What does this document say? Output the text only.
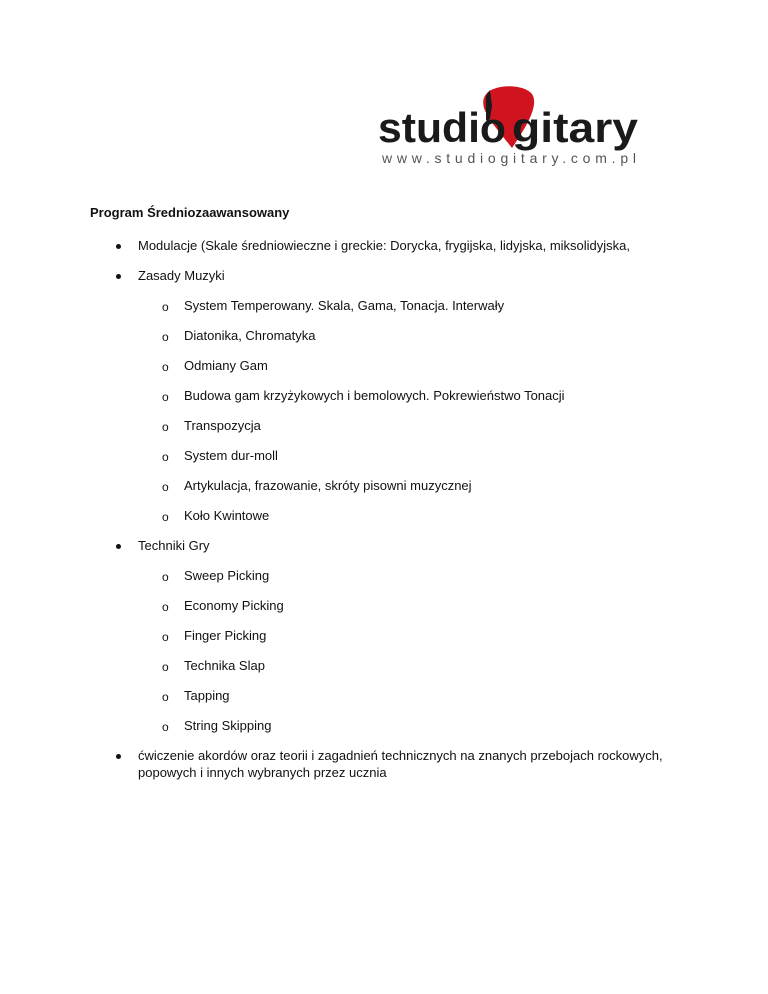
studio gitary
www.studiogitary.com.pl

Program Średniozaawansowany

Modulacje (Skale średniowieczne i greckie: Dorycka, frygijska, lidyjska, miksolidyjska,
Zasady Muzyki
o System Temperowany. Skala, Gama, Tonacja. Interwały
o Diatonika, Chromatyka
o Odmiany Gam
o Budowa gam krzyżykowych i bemolowych. Pokrewieństwo Tonacji
o Transpozycja
o System dur-moll
o Artykulacja, frazowanie, skróty pisowni muzycznej
o Koło Kwintowe
Techniki Gry
o Sweep Picking
o Economy Picking
o Finger Picking
o Technika Slap
o Tapping
o String Skipping
ćwiczenie akordów oraz teorii i zagadnień technicznych na znanych przebojach rockowych, popowych i innych wybranych przez ucznia
